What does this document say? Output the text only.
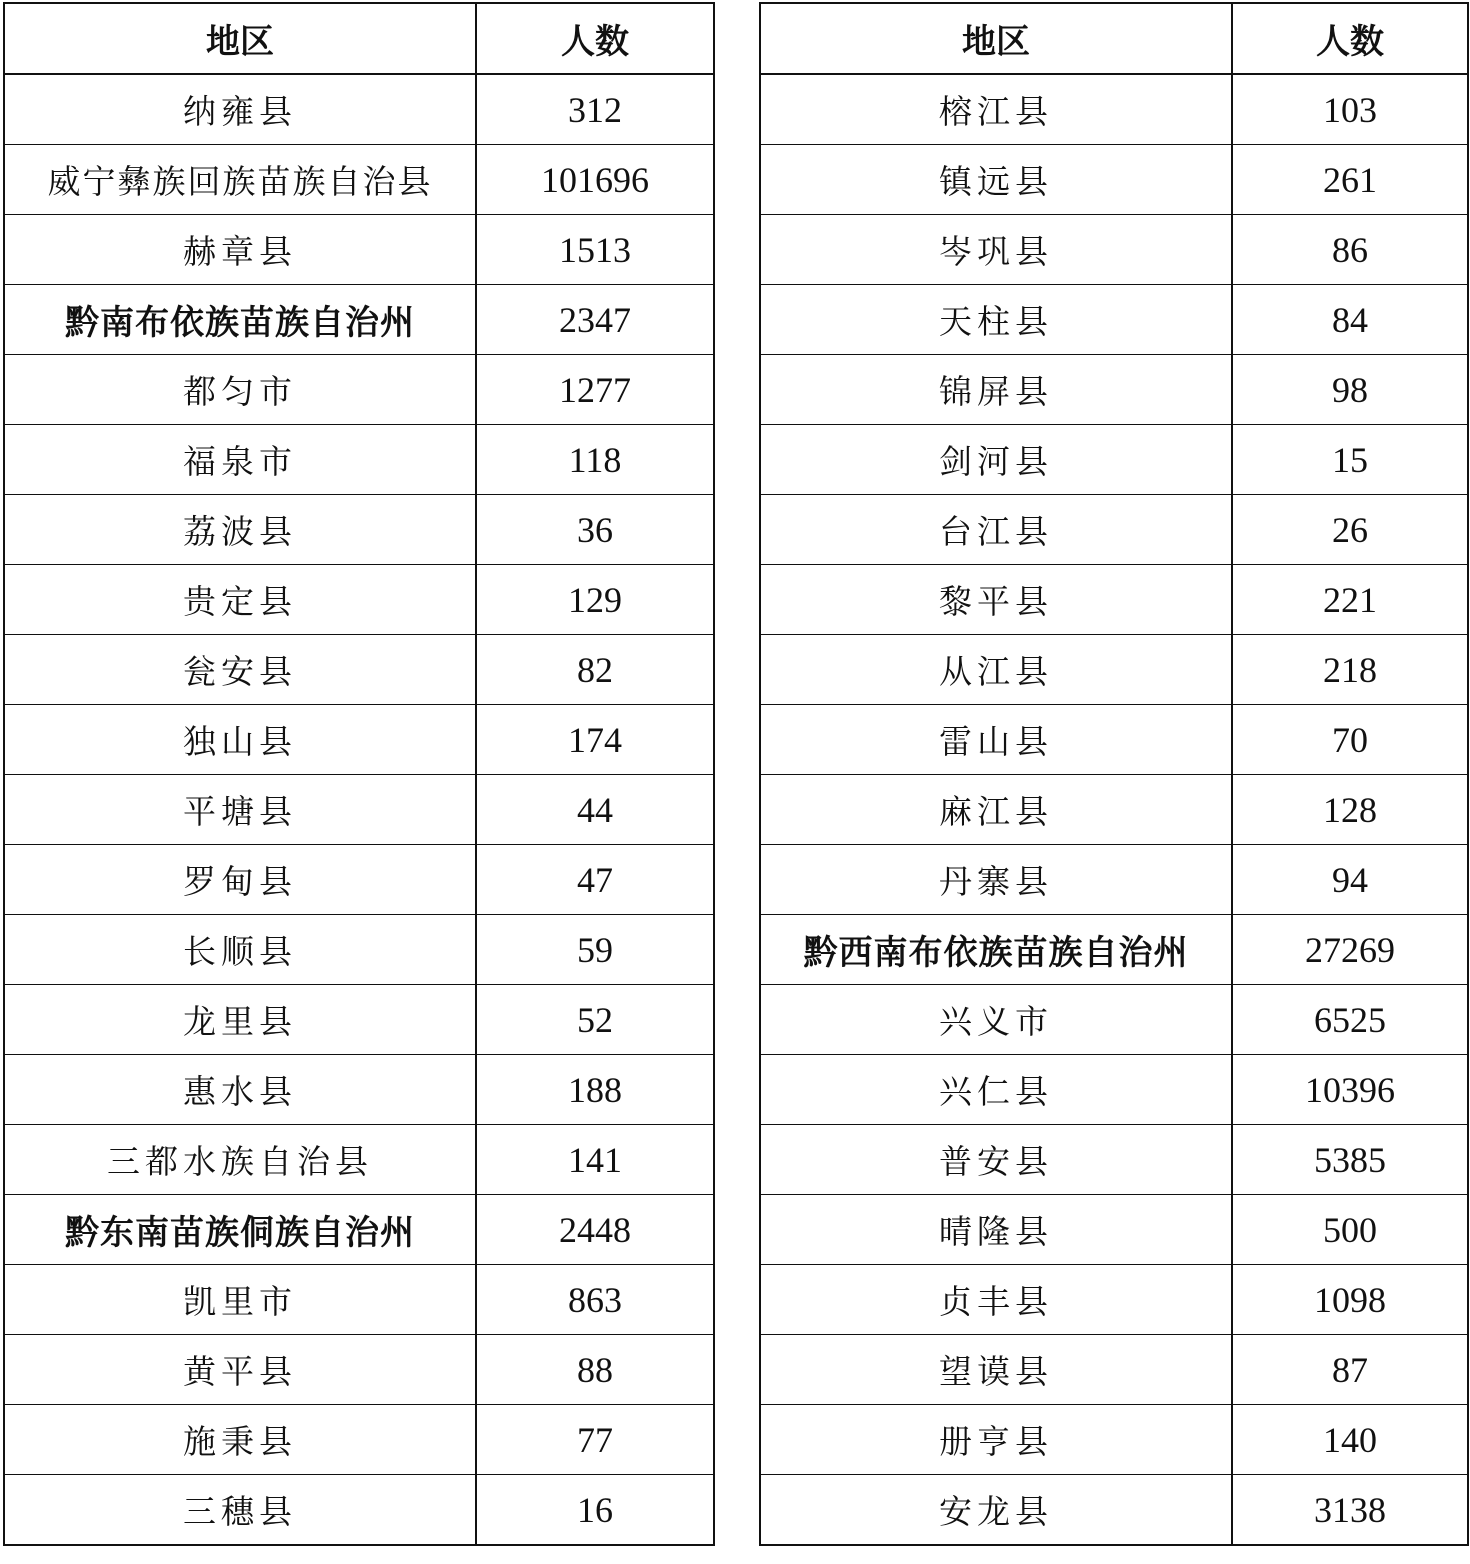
地区	人数
纳雍县	312
威宁彝族回族苗族自治县	101696
赫章县	1513
黔南布依族苗族自治州	2347
都匀市	1277
福泉市	118
荔波县	36
贵定县	129
瓮安县	82
独山县	174
平塘县	44
罗甸县	47
长顺县	59
龙里县	52
惠水县	188
三都水族自治县	141
黔东南苗族侗族自治州	2448
凯里市	863
黄平县	88
施秉县	77
三穗县	16
地区	人数
榕江县	103
镇远县	261
岑巩县	86
天柱县	84
锦屏县	98
剑河县	15
台江县	26
黎平县	221
从江县	218
雷山县	70
麻江县	128
丹寨县	94
黔西南布依族苗族自治州	27269
兴义市	6525
兴仁县	10396
普安县	5385
晴隆县	500
贞丰县	1098
望谟县	87
册亨县	140
安龙县	3138
